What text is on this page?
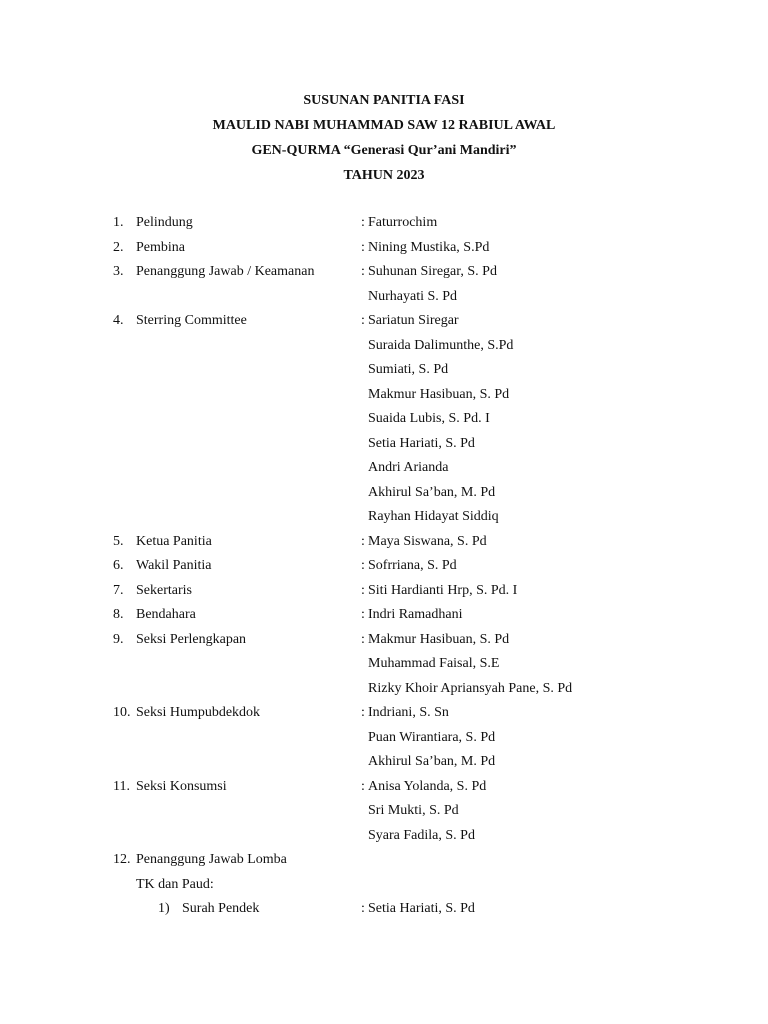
SUSUNAN PANITIA FASI
MAULID NABI MUHAMMAD SAW 12 RABIUL AWAL
GEN-QURMA “Generasi Qur’ani Mandiri”
TAHUN 2023
1. Pelindung	: Faturrochim
2. Pembina	: Nining Mustika, S.Pd
3. Penanggung Jawab / Keamanan	: Suhunan Siregar, S. Pd
Nurhayati S. Pd
4. Sterring Committee	: Sariatun Siregar
Suraida Dalimunthe, S.Pd
Sumiati, S. Pd
Makmur Hasibuan, S. Pd
Suaida Lubis, S. Pd. I
Setia Hariati, S. Pd
Andri Arianda
Akhirul Sa’ban, M. Pd
Rayhan Hidayat Siddiq
5. Ketua Panitia	: Maya Siswana, S. Pd
6. Wakil Panitia	: Sofrriana, S. Pd
7. Sekertaris	: Siti Hardianti Hrp, S. Pd. I
8. Bendahara	: Indri Ramadhani
9. Seksi Perlengkapan	: Makmur Hasibuan, S. Pd
Muhammad Faisal, S.E
Rizky Khoir Apriansyah Pane, S. Pd
10. Seksi Humpubdekdok	: Indriani, S. Sn
Puan Wirantiara, S. Pd
Akhirul Sa’ban, M. Pd
11. Seksi Konsumsi	: Anisa Yolanda, S. Pd
Sri Mukti, S. Pd
Syara Fadila, S. Pd
12. Penanggung Jawab Lomba
TK dan Paud:
1) Surah Pendek	: Setia Hariati, S. Pd
